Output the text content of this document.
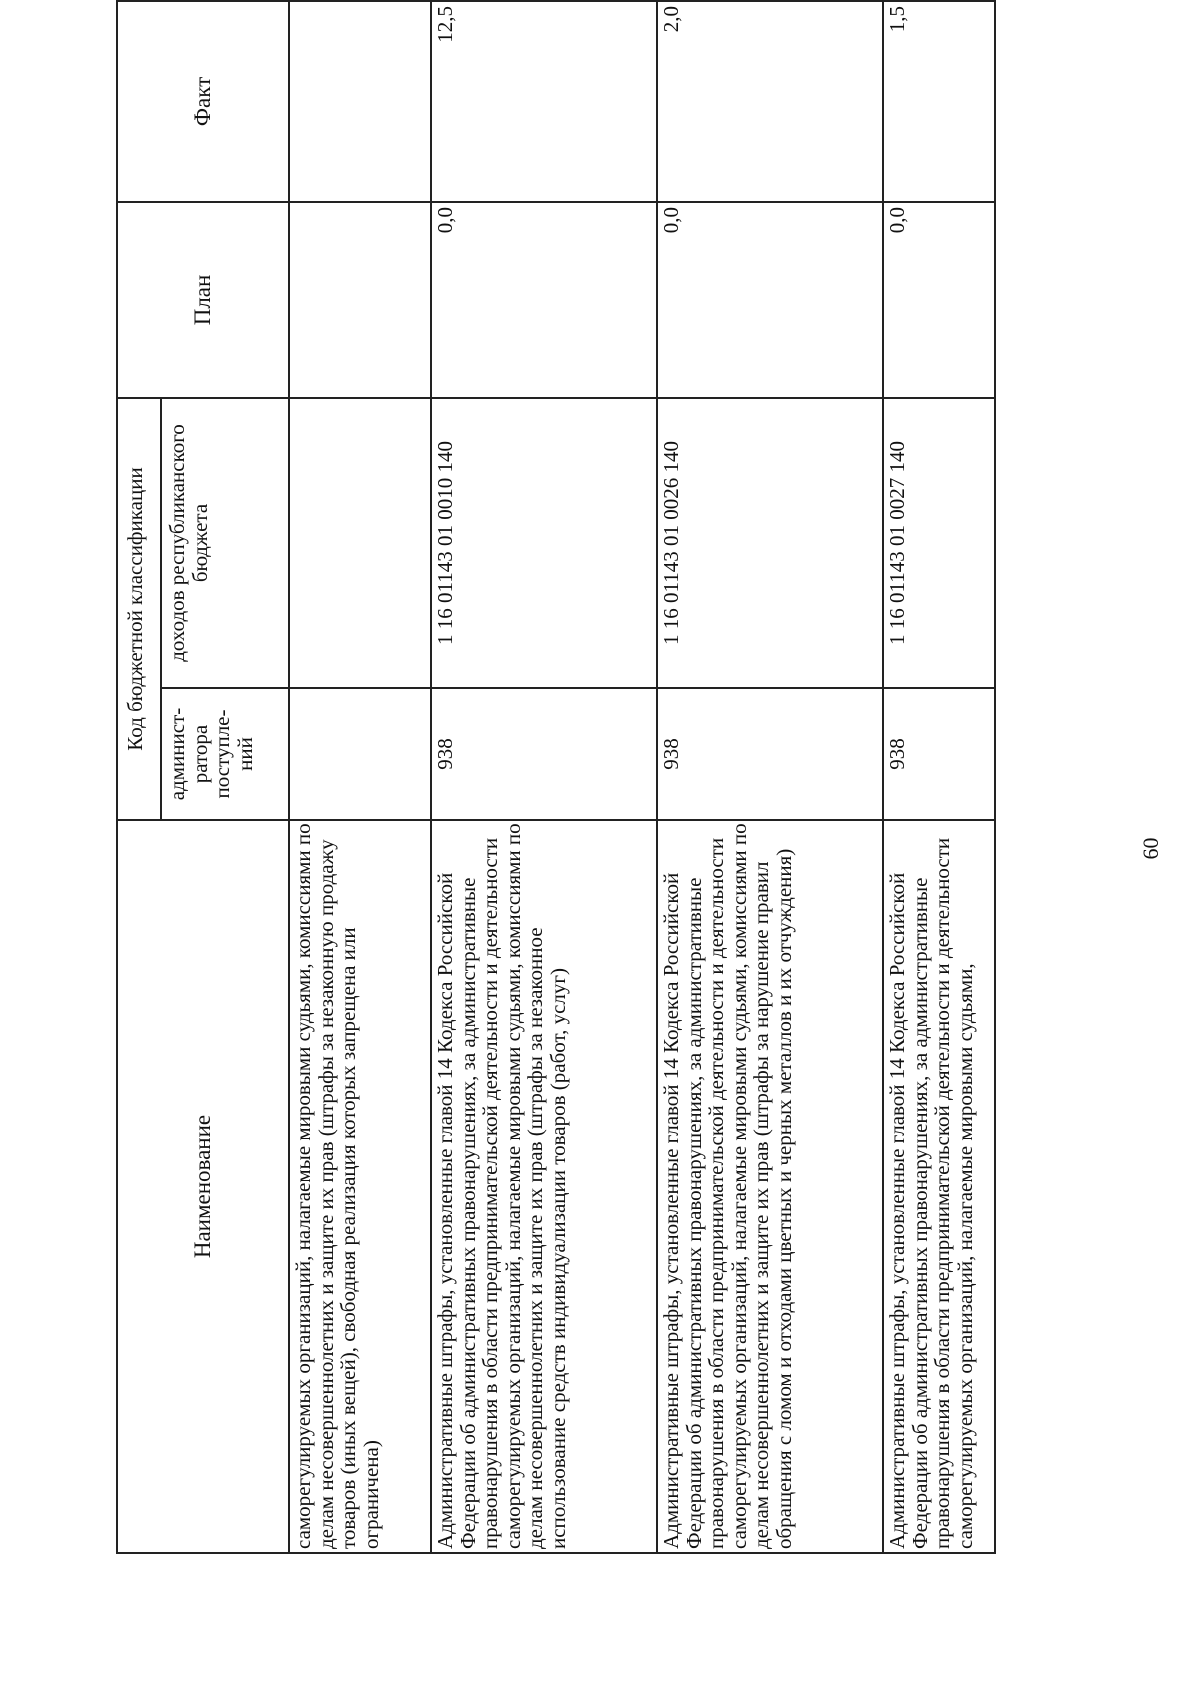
60
Наименование	Код бюджетной классификации		План	Факт
	админист-ратора поступле-ний	доходов республиканского бюджета		
саморегулируемых организаций, налагаемые мировыми судьями, комиссиями по делам несовершеннолетних и защите их прав (штрафы за незаконную продажу товаров (иных вещей), свободная реализация которых запрещена или ограничена)				
Административные штрафы, установленные главой 14 Кодекса Российской Федерации об административных правонарушениях, за административные правонарушения в области предпринимательской деятельности и деятельности саморегулируемых организаций, налагаемые мировыми судьями, комиссиями по делам несовершеннолетних и защите их прав (штрафы за незаконное использование средств индивидуализации товаров (работ, услуг)	938	1 16 01143 01 0010 140	0,0	12,5
Административные штрафы, установленные главой 14 Кодекса Российской Федерации об административных правонарушениях, за административные правонарушения в области предпринимательской деятельности и деятельности саморегулируемых организаций, налагаемые мировыми судьями, комиссиями по делам несовершеннолетних и защите их прав (штрафы за нарушение правил обращения с ломом и отходами цветных и черных металлов и их отчуждения)	938	1 16 01143 01 0026 140	0,0	2,0
Административные штрафы, установленные главой 14 Кодекса Российской Федерации об административных правонарушениях, за административные правонарушения в области предпринимательской деятельности и деятельности саморегулируемых организаций, налагаемые мировыми судьями,	938	1 16 01143 01 0027 140	0,0	1,5
